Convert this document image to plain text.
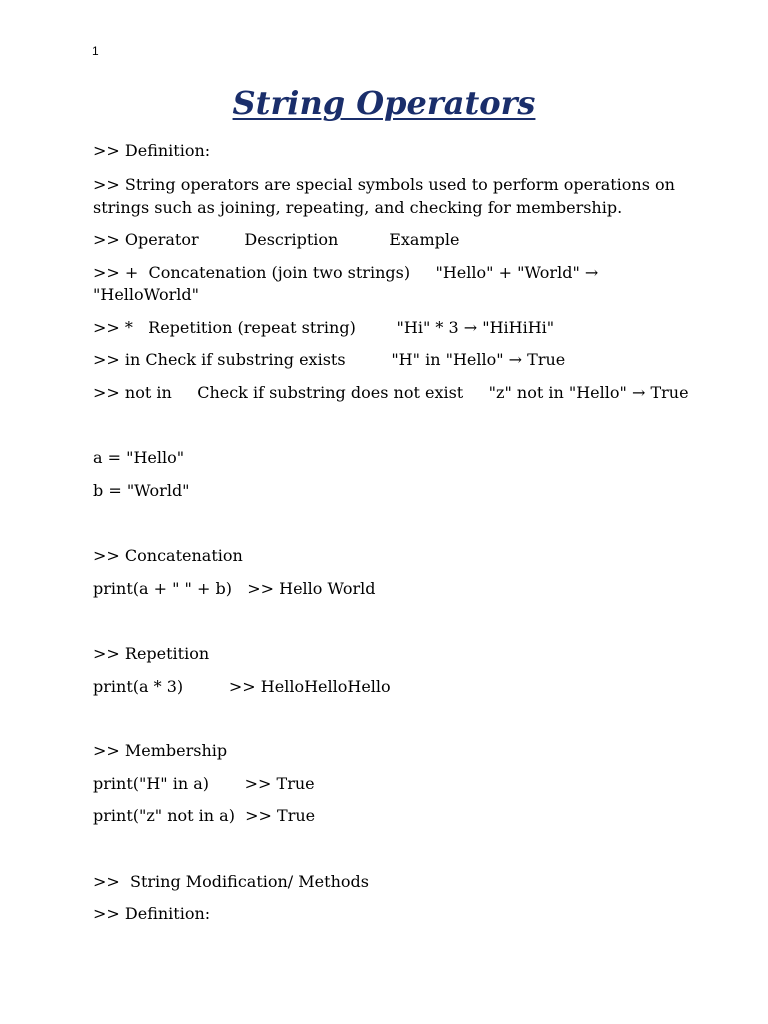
1
String Operators
>> Definition:
>> String operators are special symbols used to perform operations on strings such as joining, repeating, and checking for membership.
>> Operator         Description          Example
>> +  Concatenation (join two strings)     "Hello" + "World" →
"HelloWorld"
>> *   Repetition (repeat string)        "Hi" * 3 → "HiHiHi"
>> in Check if substring exists         "H" in "Hello" → True
>> not in     Check if substring does not exist     "z" not in "Hello" → True
a = "Hello"
b = "World"
>> Concatenation
print(a + " " + b)   >> Hello World
>> Repetition
print(a * 3)         >> HelloHelloHello
>> Membership
print("H" in a)       >> True
print("z" not in a)  >> True
>>  String Modification/ Methods
>> Definition:
